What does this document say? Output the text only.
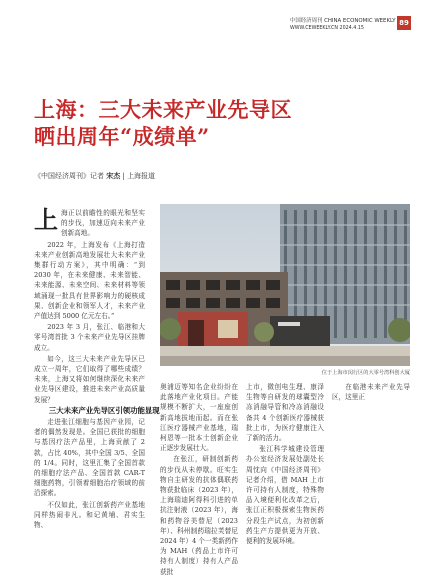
中国经济周刊 CHINA ECONOMIC WEEKLY
WWW.CEWEEKLY.CN 2024.4.15
89
上海：三大未来产业先导区
晒出周年“成绩单”
《中国经济周刊》记者 宋杰 | 上海报道

上海正以前瞻性的眼光和坚实的步伐，加速迈向未来产业创新高地。

2022 年，上海发布《上海打造未来产业创新高地发展壮大未来产业集群行动方案》，其中明确：“到 2030 年，在未来健康、未来智能、未来能源、未来空间、未来材料等领域涌现一批具有世界影响力的硬核成果、创新企业和领军人才，未来产业产值达到 5000 亿元左右。”

2023 年 3 月，张江、临港和大零号湾首批 3 个未来产业先导区挂牌成立。

如今，这三大未来产业先导区已成立一周年，它们取得了哪些成绩？未来，上海又将如何继续深化未来产业先导区建设，推进未来产业高质量发展？

三大未来产业先导区引领功能显现

走进张江细胞与基因产业园，记者的偶然发现是。全国已获批的细胞与基因疗法产品里，上海贡献了 2 款，占比 40%，其中全国 3/5、全国的 1/4。同时，这里汇集了全国首款的细胞疗法产品、全国首款 CAR-T 细胞药物，引领着细胞治疗领域的前沿探索。

不仅如此，张江创新药产业基地同样热闹非凡。和记黄埔、君实生物、

位于上海市闵行区的大零号湾科创大厦

奥浦迈等知名企业纷纷在此落地产业化项目。产能规模不断扩大，一座座创新高地拔地而起。而在张江医疗器械产业基地，瑞柯恩等一批本土创新企业正逐步发展壮大。

在张江，研制创新药的步伐从未停歇。旺实生物自主研发的抗体偶联药物获批临床（2023 年），上海瑞迪阿得科引进的单抗注射液（2023 年），海和药物谷美替尼（2023 年）、科州制药瑞拉芙替尼 2024 年）4 个一类新药作为 MAH（药品上市许可持有人制度）持有人产品获批

上市，微创电生理、康泽生物等自研发的球囊型冷冻消融导管和冷冻消融设备共 4 个创新医疗器械获批上市，为医疗健康注入了新的活力。

张江科学城建设管理办公室经济发展处副处长周忱向《中国经济周刊》记者介绍，借 MAH 上市许可持有人制度，特殊物品入境便利化改革之后，张江正积极探索生物医药分段生产试点，为初创新药生产方提供更为开放、便利的发展环境。

在临港未来产业先导区，这里正
